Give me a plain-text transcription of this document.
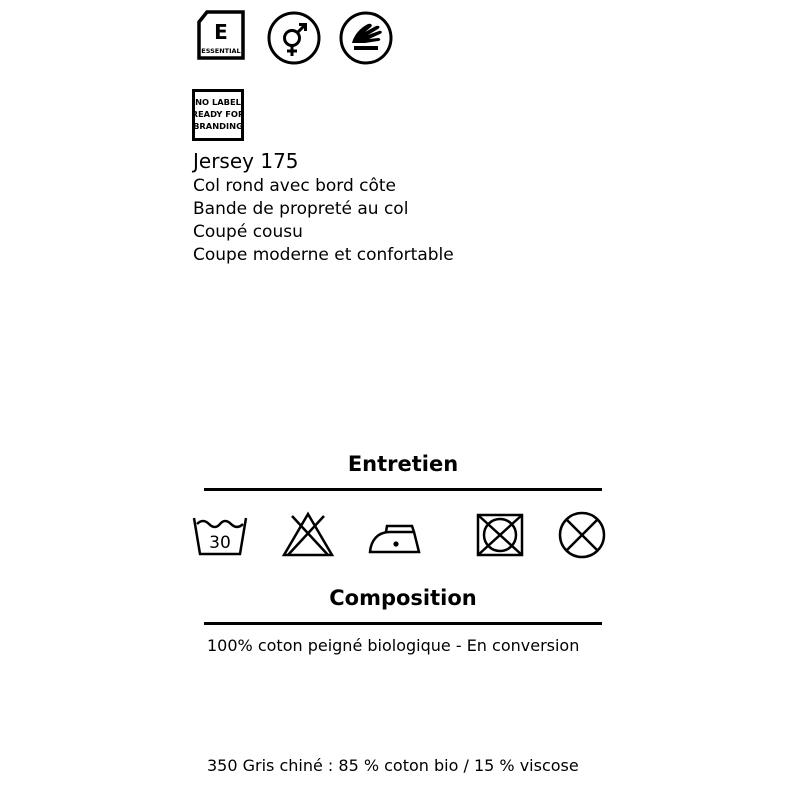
E
ESSENTIAL
NO LABEL
READY FOR
BRANDING

Jersey 175

Col rond avec bord côte

Bande de propreté au col

Coupé cousu

Coupe moderne et confortable

Entretien
30
Composition
100% coton peigné biologique - En conversion
350 Gris chiné : 85 % coton bio / 15 % viscose
